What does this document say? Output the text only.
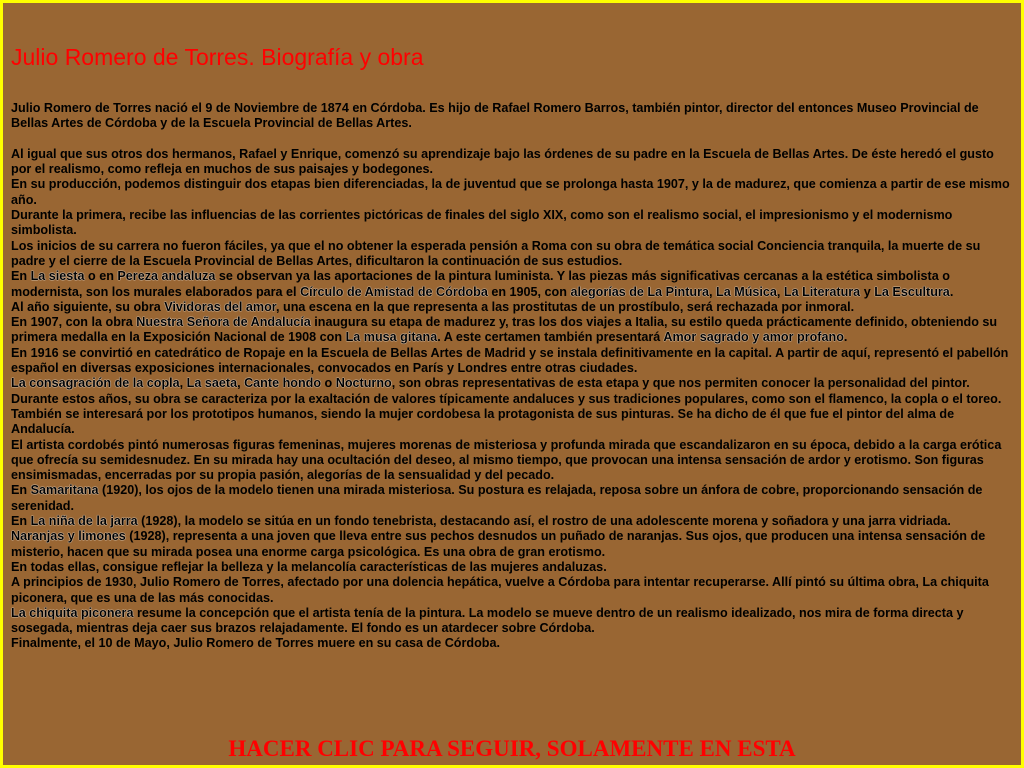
Julio Romero de Torres. Biografía y obra

Julio Romero de Torres nació el 9 de Noviembre de 1874 en Córdoba. Es hijo de Rafael Romero Barros, también pintor, director del entonces Museo Provincial de Bellas Artes de Córdoba y de la Escuela Provincial de Bellas Artes.

Al igual que sus otros dos hermanos, Rafael y Enrique, comenzó su aprendizaje bajo las órdenes de su padre en la Escuela de Bellas Artes. De éste heredó el gusto por el realismo, como refleja en muchos de sus paisajes y bodegones.

En su producción, podemos distinguir dos etapas bien diferenciadas, la de juventud que se prolonga hasta 1907, y la de madurez, que comienza a partir de ese mismo año.

Durante la primera, recibe las influencias de las corrientes pictóricas de finales del siglo XIX, como son el realismo social, el impresionismo y el modernismo simbolista.

Los inicios de su carrera no fueron fáciles, ya que el no obtener la esperada pensión a Roma con su obra de temática social Conciencia tranquila, la muerte de su padre y el cierre de la Escuela Provincial de Bellas Artes, dificultaron la continuación de sus estudios.

En La siesta o en Pereza andaluza se observan ya las aportaciones de la pintura luminista. Y las piezas más significativas cercanas a la estética simbolista o modernista, son los murales elaborados para el Círculo de Amistad de Córdoba en 1905, con alegorías de La Pintura, La Música, La Literatura y La Escultura.

Al año siguiente, su obra Vividoras del amor, una escena en la que representa a las prostitutas de un prostíbulo, será rechazada por inmoral.

En 1907, con la obra Nuestra Señora de Andalucía inaugura su etapa de madurez y, tras los dos viajes a Italia, su estilo queda prácticamente definido, obteniendo su primera medalla en la Exposición Nacional de 1908 con La musa gitana. A este certamen también presentará Amor sagrado y amor profano.

En 1916 se convirtió en catedrático de Ropaje en la Escuela de Bellas Artes de Madrid y se instala definitivamente en la capital. A partir de aquí, representó el pabellón español en diversas exposiciones internacionales, convocados en París y Londres entre otras ciudades.

La consagración de la copla, La saeta, Cante hondo o Nocturno, son obras representativas de esta etapa y que nos permiten conocer la personalidad del pintor.

Durante estos años, su obra se caracteriza por la exaltación de valores típicamente andaluces y sus tradiciones populares, como son el flamenco, la copla o el toreo. También se interesará por los prototipos humanos, siendo la mujer cordobesa la protagonista de sus pinturas. Se ha dicho de él que fue el pintor del alma de Andalucía.

El artista cordobés pintó numerosas figuras femeninas, mujeres morenas de misteriosa y profunda mirada que escandalizaron en su época, debido a la carga erótica que ofrecía su semidesnudez. En su mirada hay una ocultación del deseo, al mismo tiempo, que provocan una intensa sensación de ardor y erotismo. Son figuras ensimismadas, encerradas por su propia pasión, alegorías de la sensualidad y del pecado.

En Samaritana (1920), los ojos de la modelo tienen una mirada misteriosa. Su postura es relajada, reposa sobre un ánfora de cobre, proporcionando sensación de serenidad.

En La niña de la jarra (1928), la modelo se sitúa en un fondo tenebrista, destacando así, el rostro de una adolescente morena y soñadora y una jarra vidriada.

Naranjas y limones (1928), representa a una joven que lleva entre sus pechos desnudos un puñado de naranjas. Sus ojos, que producen una intensa sensación de misterio, hacen que su mirada posea una enorme carga psicológica. Es una obra de gran erotismo.

En todas ellas, consigue reflejar la belleza y la melancolía características de las mujeres andaluzas.

A principios de 1930, Julio Romero de Torres, afectado por una dolencia hepática, vuelve a Córdoba para intentar recuperarse. Allí pintó su última obra, La chiquita piconera, que es una de las más conocidas.

La chiquita piconera resume la concepción que el artista tenía de la pintura. La modelo se mueve dentro de un realismo idealizado, nos mira de forma directa y sosegada, mientras deja caer sus brazos relajadamente. El fondo es un atardecer sobre Córdoba.

Finalmente, el 10 de Mayo, Julio Romero de Torres muere en su casa de Córdoba.

HACER CLIC PARA SEGUIR, SOLAMENTE EN ESTA
